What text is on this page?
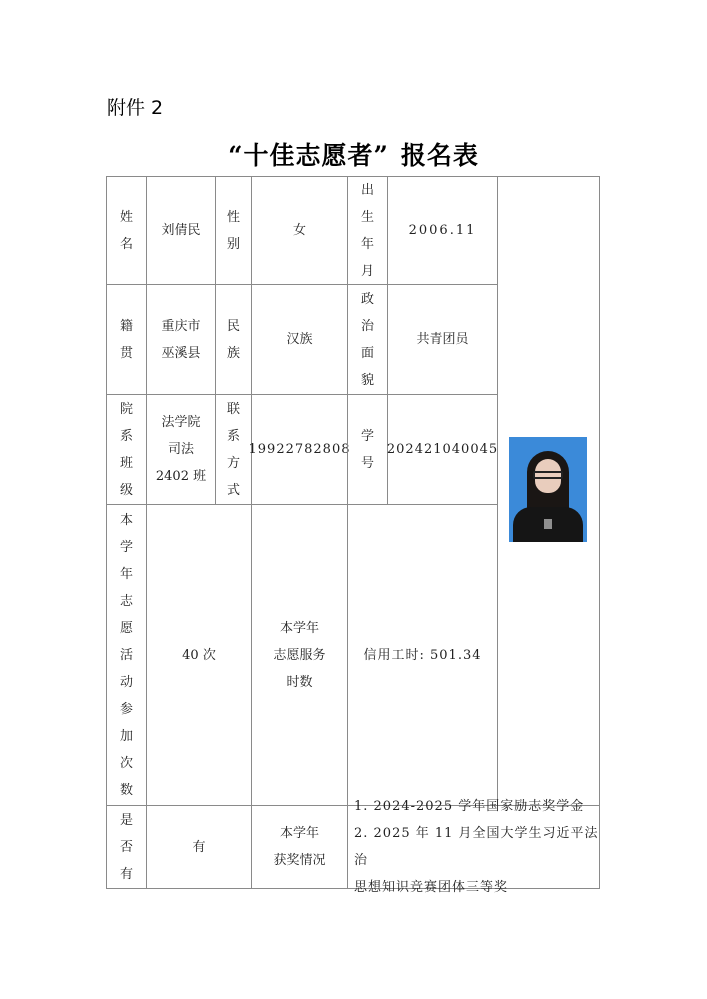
附件 2
“十佳志愿者” 报名表
姓
名
刘倩民
性
别
女
出
生
年
月
2006.11
籍
贯
重庆市
巫溪县
民
族
汉族
政
治
面
貌
共青团员
院
系
班
级
法学院
司法
2402 班
联
系
方
式
19922782808
学
号
202421040045
本
学
年
志
愿
活
动
参
加
次
数
40 次
本学年
志愿服务
时数
信用工时: 501.34
是
否
有
有
本学年
获奖情况
1. 2024-2025 学年国家励志奖学金
2. 2025 年 11 月全国大学生习近平法治
思想知识竞赛团体三等奖
